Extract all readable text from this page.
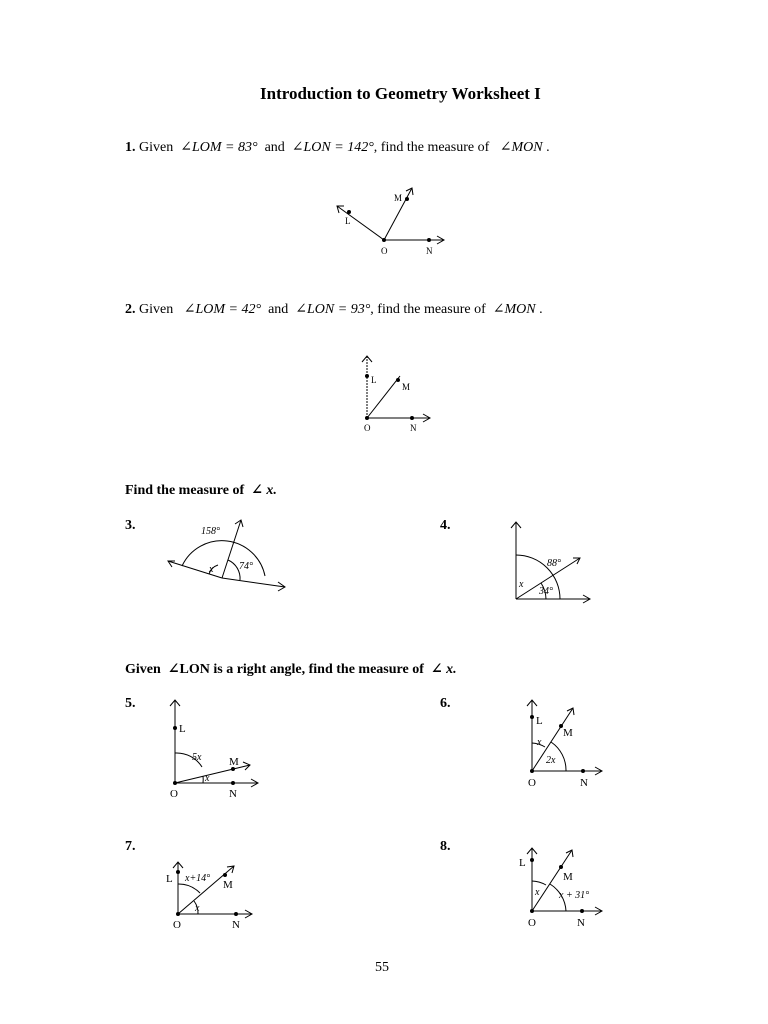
Introduction to Geometry Worksheet I
1. Given ∠LOM = 83° and ∠LON = 142°, find the measure of ∠MON .
L
M
O	N
2. Given ∠LOM = 42° and ∠LON = 93°, find the measure of ∠MON .
L
M
O	N
Find the measure of ∠ x.
3.	4.
158°
74°
x
88°
34°
x
Given ∠LON is a right angle, find the measure of ∠ x.
5.	6.
L
M
O	N
5x
x
L
M
O	N
x
2x
7.	8.
L	M
O	N
x+14°
x
L
M
O	N
x x + 31°
55
